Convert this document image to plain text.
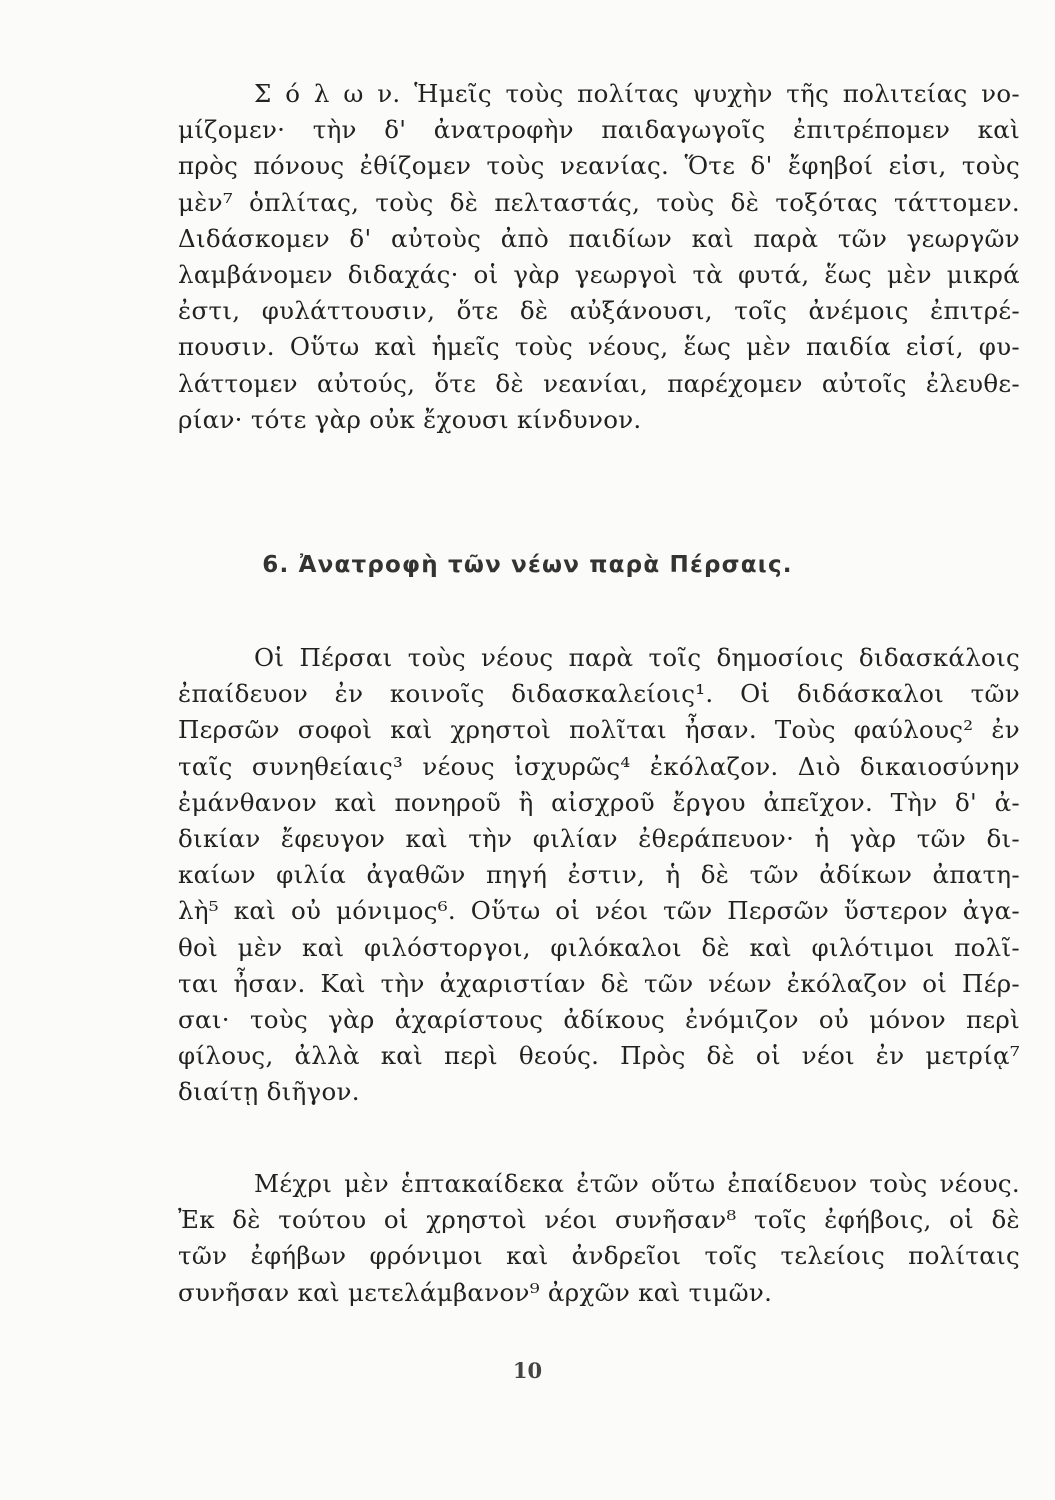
Σ ό λ ω ν. Ἡμεῖς τοὺς πολίτας ψυχὴν τῆς πολιτείας νο-
μίζομεν· τὴν δ' ἀνατροφὴν παιδαγωγοῖς ἐπιτρέπομεν καὶ
πρὸς πόνους ἐθίζομεν τοὺς νεανίας. Ὅτε δ' ἔφηβοί εἰσι, τοὺς
μὲν⁷ ὁπλίτας, τοὺς δὲ πελταστάς, τοὺς δὲ τοξότας τάττομεν.
Διδάσκομεν δ' αὐτοὺς ἀπὸ παιδίων καὶ παρὰ τῶν γεωργῶν
λαμβάνομεν διδαχάς· οἱ γὰρ γεωργοὶ τὰ φυτά, ἕως μὲν μικρά
ἐστι, φυλάττουσιν, ὅτε δὲ αὐξάνουσι, τοῖς ἀνέμοις ἐπιτρέ-
πουσιν. Οὕτω καὶ ἡμεῖς τοὺς νέους, ἕως μὲν παιδία εἰσί, φυ-
λάττομεν αὐτούς, ὅτε δὲ νεανίαι, παρέχομεν αὐτοῖς ἐλευθε-
ρίαν· τότε γὰρ οὐκ ἔχουσι κίνδυνον.
6. Ἀνατροφὴ τῶν νέων παρὰ Πέρσαις.
Οἱ Πέρσαι τοὺς νέους παρὰ τοῖς δημοσίοις διδασκάλοις
ἐπαίδευον ἐν κοινοῖς διδασκαλείοις¹. Οἱ διδάσκαλοι τῶν
Περσῶν σοφοὶ καὶ χρηστοὶ πολῖται ἦσαν. Τοὺς φαύλους² ἐν
ταῖς συνηθείαις³ νέους ἰσχυρῶς⁴ ἐκόλαζον. Διὸ δικαιοσύνην
ἐμάνθανον καὶ πονηροῦ ἢ αἰσχροῦ ἔργου ἀπεῖχον. Τὴν δ' ἀ-
δικίαν ἔφευγον καὶ τὴν φιλίαν ἐθεράπευον· ἡ γὰρ τῶν δι-
καίων φιλία ἀγαθῶν πηγή ἐστιν, ἡ δὲ τῶν ἀδίκων ἀπατη-
λὴ⁵ καὶ οὐ μόνιμος⁶. Οὕτω οἱ νέοι τῶν Περσῶν ὕστερον ἀγα-
θοὶ μὲν καὶ φιλόστοργοι, φιλόκαλοι δὲ καὶ φιλότιμοι πολῖ-
ται ἦσαν. Καὶ τὴν ἀχαριστίαν δὲ τῶν νέων ἐκόλαζον οἱ Πέρ-
σαι· τοὺς γὰρ ἀχαρίστους ἀδίκους ἐνόμιζον οὐ μόνον περὶ
φίλους, ἀλλὰ καὶ περὶ θεούς. Πρὸς δὲ οἱ νέοι ἐν μετρίᾳ⁷
διαίτῃ διῆγον.
Μέχρι μὲν ἑπτακαίδεκα ἐτῶν οὕτω ἐπαίδευον τοὺς νέους.
Ἐκ δὲ τούτου οἱ χρηστοὶ νέοι συνῆσαν⁸ τοῖς ἐφήβοις, οἱ δὲ
τῶν ἐφήβων φρόνιμοι καὶ ἀνδρεῖοι τοῖς τελείοις πολίταις
συνῆσαν καὶ μετελάμβανον⁹ ἀρχῶν καὶ τιμῶν.
10
